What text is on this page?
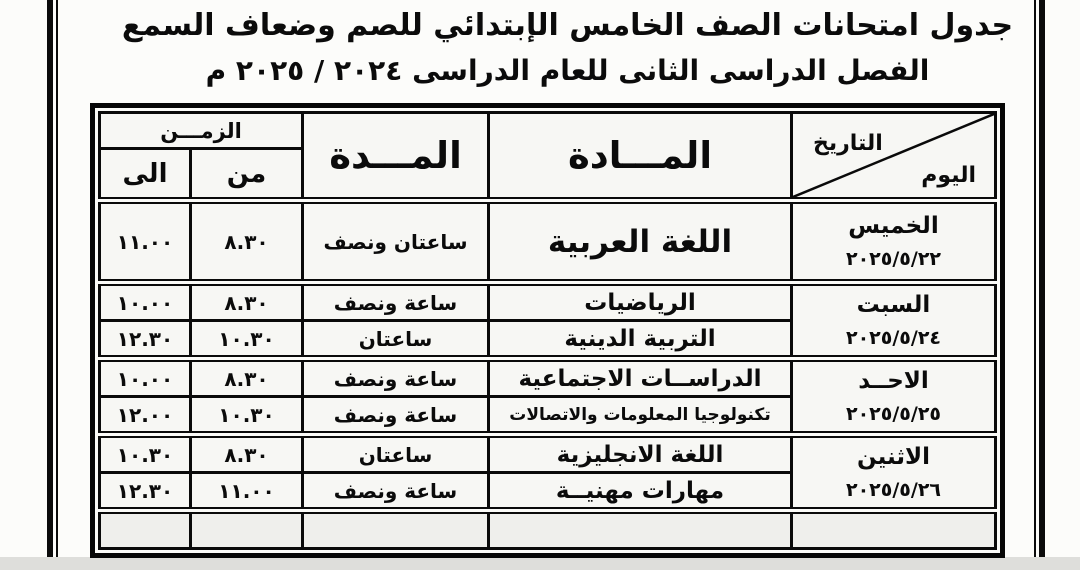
جدول امتحانات الصف الخامس الإبتدائي للصم وضعاف السمع
الفصل الدراسى الثانى للعام الدراسى ٢٠٢٤ / ٢٠٢٥ م
التاريخ
اليوم	المـــادة	المـــدة	الزمـــن	
			من	الى

الخميس
٢٠٢٥/٥/٢٢	اللغة العربية	ساعتان ونصف	٨.٣٠	١١.٠٠

السبت
٢٠٢٥/٥/٢٤	الرياضيات	ساعة ونصف	٨.٣٠	١٠.٠٠
	التربية الدينية	ساعتان	١٠.٣٠	١٢.٣٠

الاحــد
٢٠٢٥/٥/٢٥	الدراســات الاجتماعية	ساعة ونصف	٨.٣٠	١٠.٠٠
	تكنولوجيا المعلومات والاتصالات	ساعة ونصف	١٠.٣٠	١٢.٠٠

الاثنين
٢٠٢٥/٥/٢٦	اللغة الانجليزية	ساعتان	٨.٣٠	١٠.٣٠
	مهارات مهنيــة	ساعة ونصف	١١.٠٠	١٢.٣٠
